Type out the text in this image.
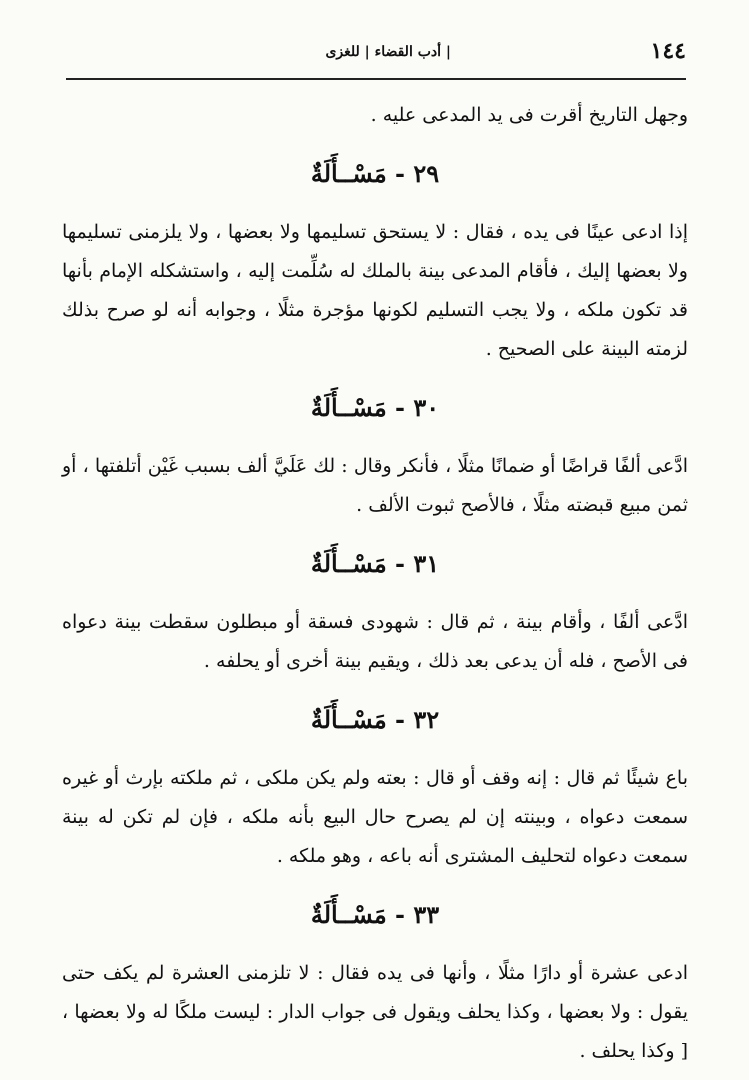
١٤٤
| أدب القضاء | للغزى

وجهل التاريخ أقرت فى يد المدعى عليه .

٢٩ - مَسْــأَلَةٌ

إذا ادعى عينًا فى يده ، فقال : لا يستحق تسليمها ولا بعضها ، ولا يلزمنى تسليمها ولا بعضها إليك ، فأقام المدعى بينة بالملك له سُلِّمت إليه ، واستشكله الإمام بأنها قد تكون ملكه ، ولا يجب التسليم لكونها مؤجرة مثلًا ، وجوابه أنه لو صرح بذلك لزمته البينة على الصحيح .

٣٠ - مَسْــأَلَةٌ

ادَّعى ألفًا قراضًا أو ضمانًا مثلًا ، فأنكر وقال : لك عَلَيَّ ألف بسبب غَيْن أتلفتها ، أو ثمن مبيع قبضته مثلًا ، فالأصح ثبوت الألف .

٣١ - مَسْــأَلَةٌ

ادَّعى ألفًا ، وأقام بينة ، ثم قال : شهودى فسقة أو مبطلون سقطت بينة دعواه فى الأصح ، فله أن يدعى بعد ذلك ، ويقيم بينة أخرى أو يحلفه .

٣٢ - مَسْــأَلَةٌ

باع شيئًا ثم قال : إنه وقف أو قال : بعته ولم يكن ملكى ، ثم ملكته بإرث أو غيره سمعت دعواه ، وبينته إن لم يصرح حال البيع بأنه ملكه ، فإن لم تكن له بينة سمعت دعواه لتحليف المشترى أنه باعه ، وهو ملكه .

٣٣ - مَسْــأَلَةٌ

ادعى عشرة أو دارًا مثلًا ، وأنها فى يده فقال : لا تلزمنى العشرة لم يكف حتى يقول : ولا بعضها ، وكذا يحلف ويقول فى جواب الدار : ليست ملكًا له ولا بعضها ، [ وكذا يحلف .
